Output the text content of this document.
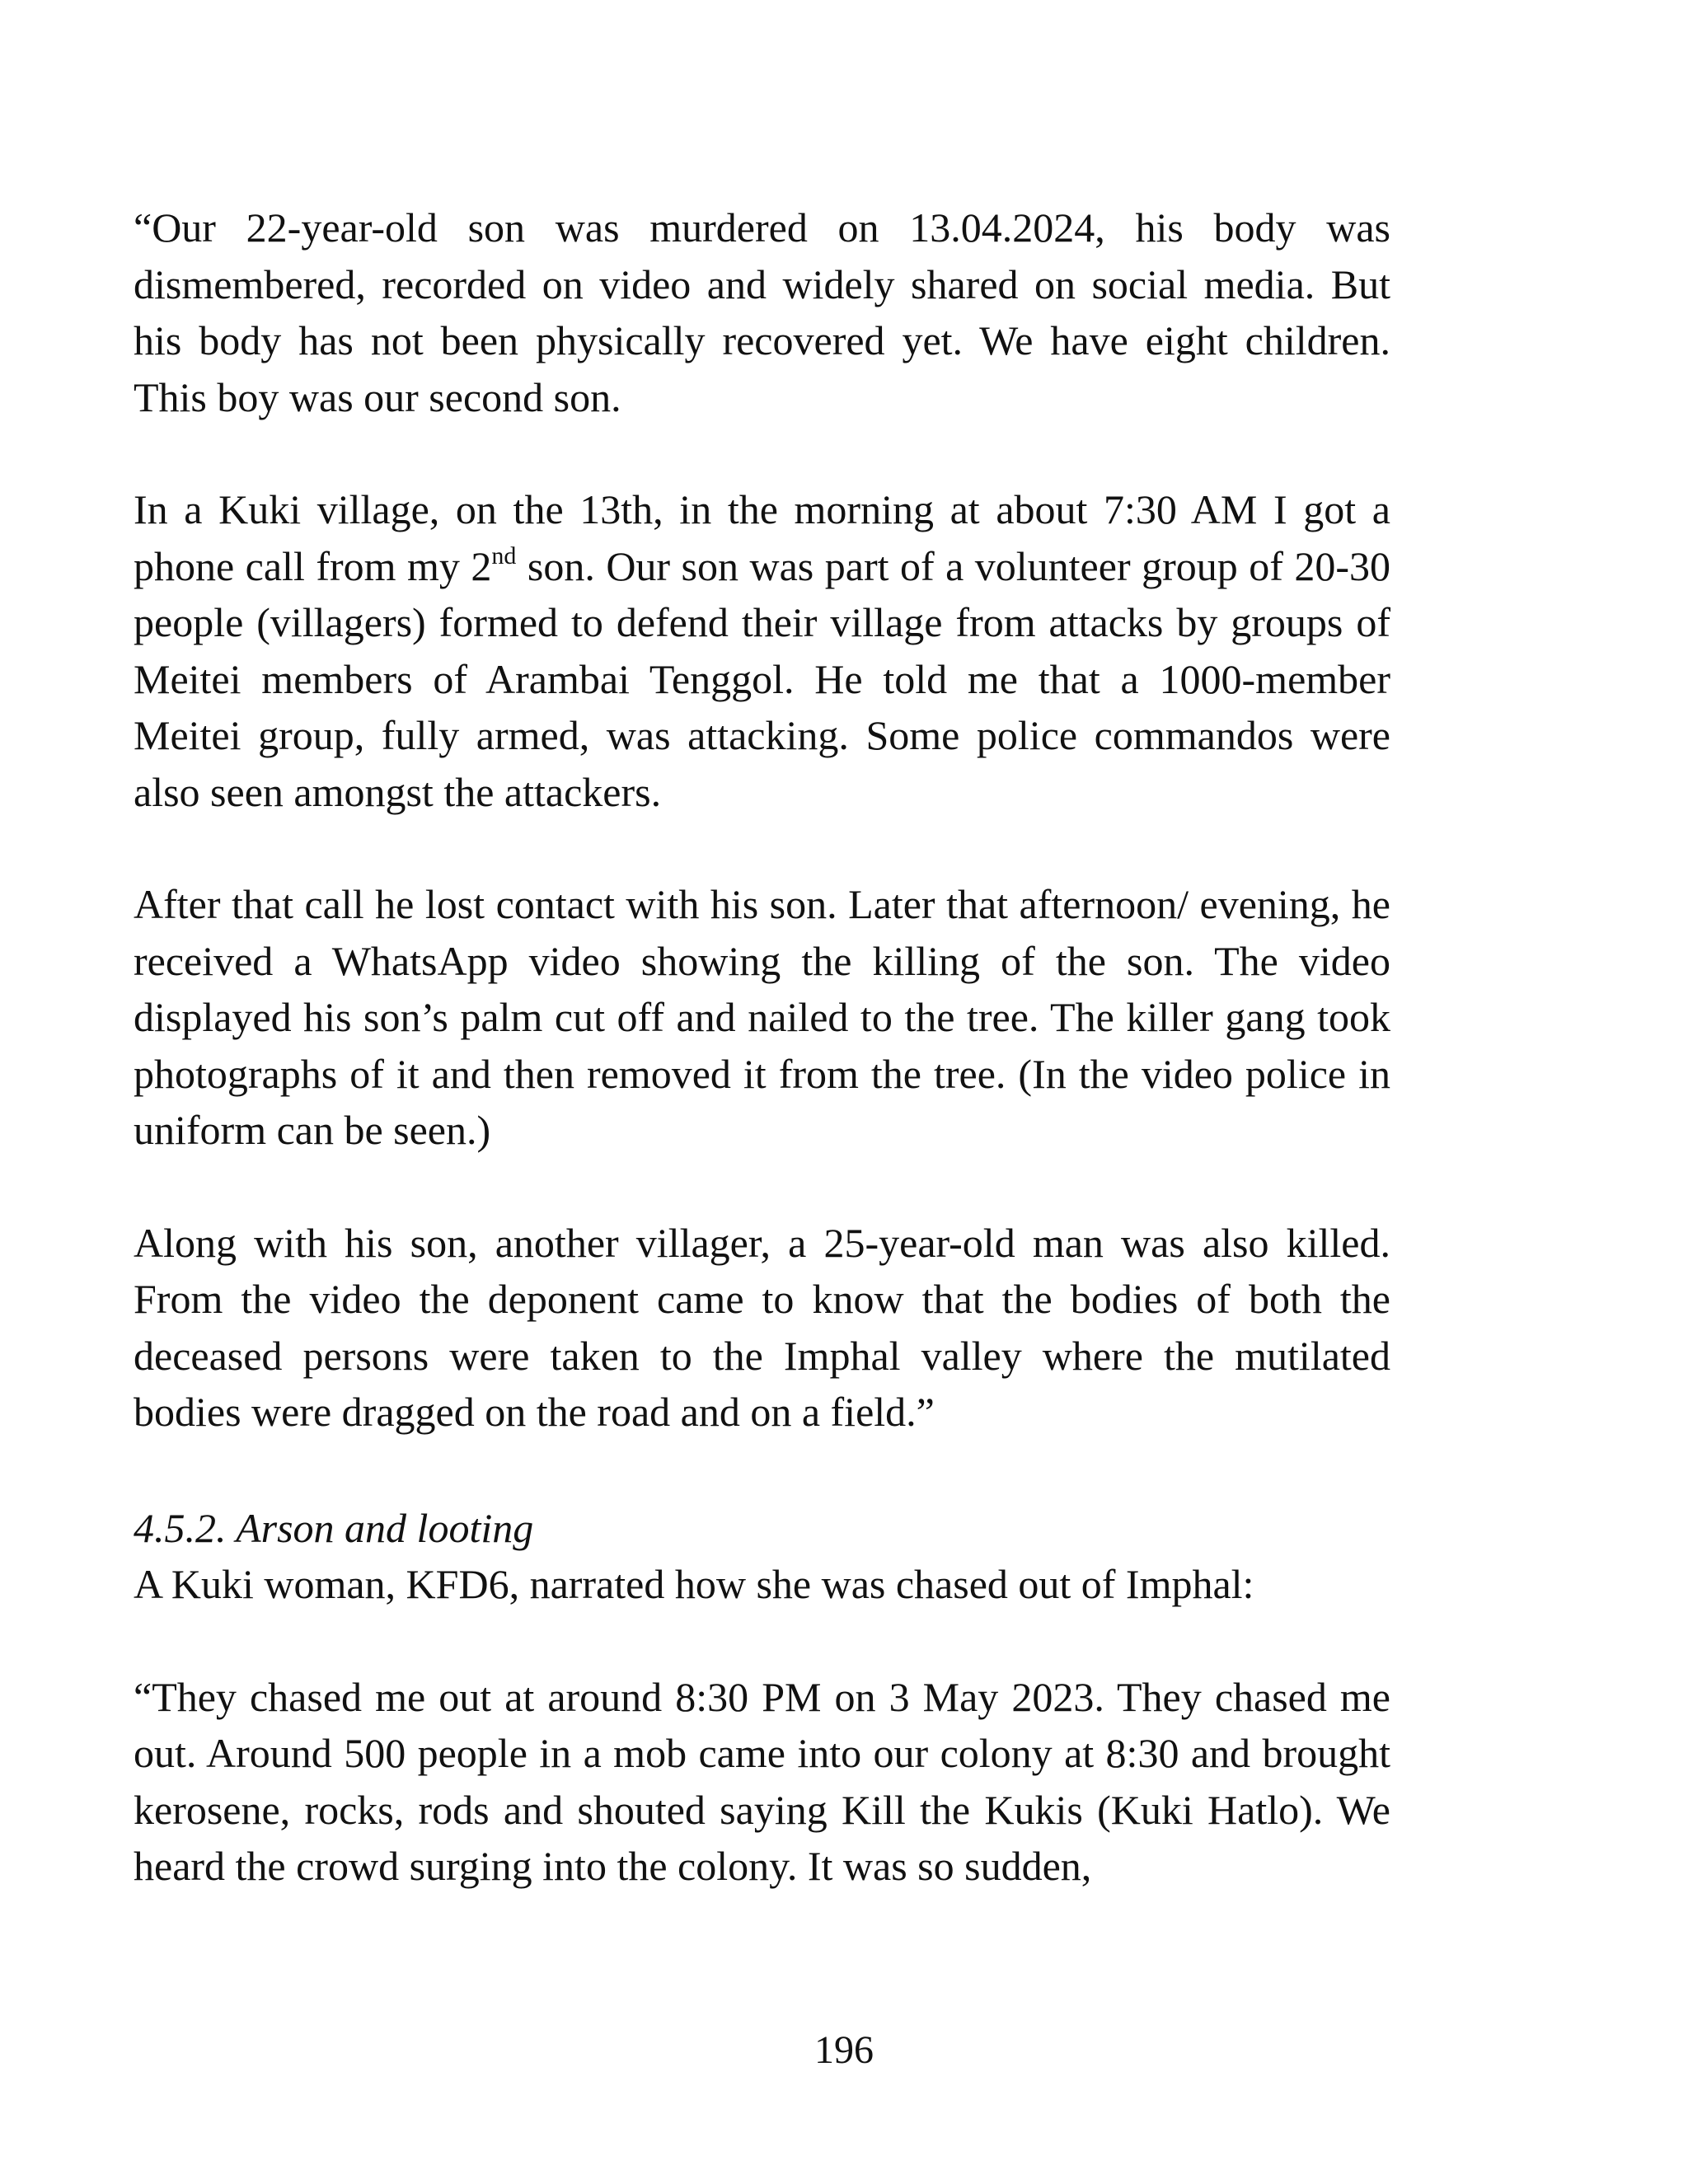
“Our 22-year-old son was murdered on 13.04.2024, his body was dismembered, recorded on video and widely shared on social media. But his body has not been physically recovered yet. We have eight children. This boy was our second son.

In a Kuki village, on the 13th, in the morning at about 7:30 AM I got a phone call from my 2nd son. Our son was part of a volunteer group of 20-30 people (villagers) formed to defend their village from attacks by groups of Meitei members of Arambai Tenggol. He told me that a 1000-member Meitei group, fully armed, was attacking. Some police commandos were also seen amongst the attackers.

After that call he lost contact with his son. Later that afternoon/ evening, he received a WhatsApp video showing the killing of the son. The video displayed his son’s palm cut off and nailed to the tree. The killer gang took photographs of it and then removed it from the tree. (In the video police in uniform can be seen.)

Along with his son, another villager, a 25-year-old man was also killed. From the video the deponent came to know that the bodies of both the deceased persons were taken to the Imphal valley where the mutilated bodies were dragged on the road and on a field.”

4.5.2. Arson and looting

A Kuki woman, KFD6, narrated how she was chased out of Imphal:

“They chased me out at around 8:30 PM on 3 May 2023. They chased me out. Around 500 people in a mob came into our colony at 8:30 and brought kerosene, rocks, rods and shouted saying Kill the Kukis (Kuki Hatlo). We heard the crowd surging into the colony. It was so sudden,

196
